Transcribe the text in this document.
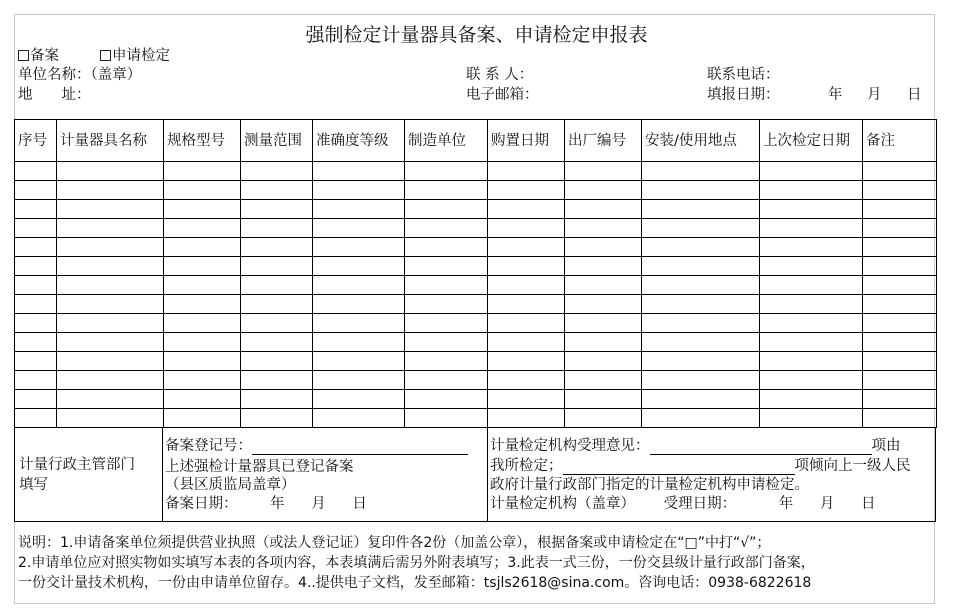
强制检定计量器具备案、申请检定申报表
备案	申请检定
单位名称：（盖章）
地　　址：
联 系 人：
电子邮箱：
联系电话：
填报日期：	年 月 日
序号	计量器具名称	规格型号	测量范围	准确度等级	制造单位	购置日期	出厂编号	安装/使用地点	上次检定日期	备注

计量行政主管部门
填写
备案登记号：
上述强检计量器具已登记备案
（县区质监局盖章）
备案日期： 年 月 日
计量检定机构受理意见：	项由
我所检定；	项倾向上一级人民
政府计量行政部门指定的计量检定机构申请检定。
计量检定机构（盖章） 受理日期：	年 月 日
说明：1.申请备案单位须提供营业执照（或法人登记证）复印件各2份（加盖公章），根据备案或申请检定在“□”中打“√”；
2.申请单位应对照实物如实填写本表的各项内容，本表填满后需另外附表填写；3.此表一式三份，一份交县级计量行政部门备案，
一份交计量技术机构，一份由申请单位留存。4..提供电子文档，发至邮箱：tsjls2618@sina.com。咨询电话：0938-6822618
